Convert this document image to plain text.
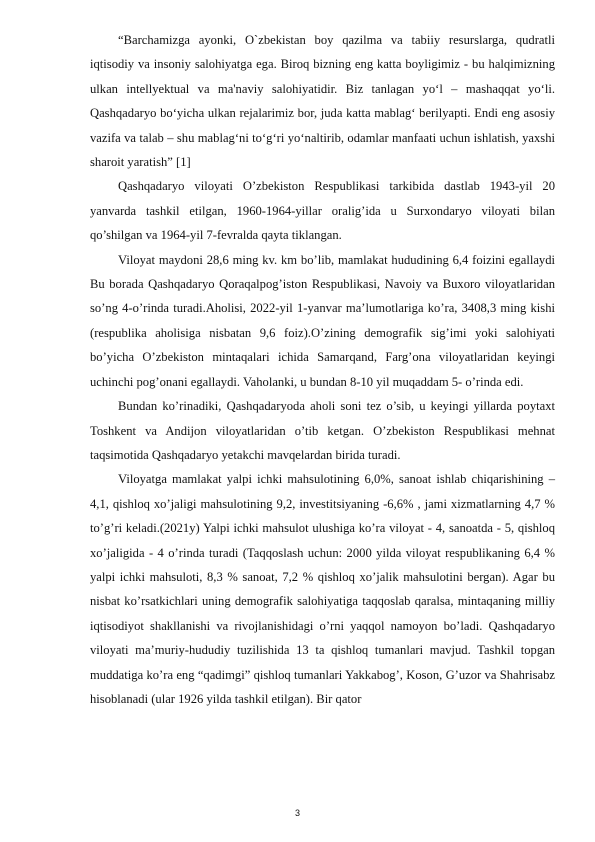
“Barchamizga ayonki, O`zbekistan boy qazilma va tabiiy resurslarga, qudratli iqtisodiy va insoniy salohiyatga ega. Biroq bizning eng katta boyligimiz - bu halqimizning ulkan intellyektual va ma'naviy salohiyatidir. Biz tanlagan yo‘l – mashaqqat yo‘li. Qashqadaryo bo‘yicha ulkan rejalarimiz bor, juda katta mablag‘ berilyapti. Endi eng asosiy vazifa va talab – shu mablag‘ni to‘g‘ri yo‘naltirib, odamlar manfaati uchun ishlatish, yaxshi sharoit yaratish” [1]

Qashqadaryo viloyati O’zbekiston Respublikasi tarkibida dastlab 1943-yil 20 yanvarda tashkil etilgan, 1960-1964-yillar oralig’ida u Surxondaryo viloyati bilan qo’shilgan va 1964-yil 7-fevralda qayta tiklangan.

Viloyat maydoni 28,6 ming kv. km bo’lib, mamlakat hududining 6,4 foizini egallaydi Bu borada Qashqadaryo Qoraqalpog’iston Respublikasi, Navoiy va Buxoro viloyatlaridan so’ng 4-o’rinda turadi.Aholisi, 2022-yil 1-yanvar ma’lumotlariga ko’ra, 3408,3 ming kishi (respublika aholisiga nisbatan 9,6 foiz).O’zining demografik sig’imi yoki salohiyati bo’yicha O’zbekiston mintaqalari ichida Samarqand, Farg’ona viloyatlaridan keyingi uchinchi pog’onani egallaydi. Vaholanki, u bundan 8-10 yil muqaddam 5- o’rinda edi.

Bundan ko’rinadiki, Qashqadaryoda aholi soni tez o’sib, u keyingi yillarda poytaxt Toshkent va Andijon viloyatlaridan o’tib ketgan. O’zbekiston Respublikasi mehnat taqsimotida Qashqadaryo yetakchi mavqelardan birida turadi.

Viloyatga mamlakat yalpi ichki mahsulotining 6,0%, sanoat ishlab chiqarishining – 4,1, qishloq xo’jaligi mahsulotining 9,2, investitsiyaning -6,6% , jami xizmatlarning 4,7 % to’g’ri keladi.(2021y) Yalpi ichki mahsulot ulushiga ko’ra viloyat - 4, sanoatda - 5, qishloq xo’jaligida - 4 o’rinda turadi (Taqqoslash uchun: 2000 yilda viloyat respublikaning 6,4 % yalpi ichki mahsuloti, 8,3 % sanoat, 7,2 % qishloq xo’jalik mahsulotini bergan). Agar bu nisbat ko’rsatkichlari uning demografik salohiyatiga taqqoslab qaralsa, mintaqaning milliy iqtisodiyot shakllanishi va rivojlanishidagi o’rni yaqqol namoyon bo’ladi. Qashqadaryo viloyati ma’muriy-hududiy tuzilishida 13 ta qishloq tumanlari mavjud. Tashkil topgan muddatiga ko’ra eng “qadimgi” qishloq tumanlari Yakkabog’, Koson, G’uzor va Shahrisabz hisoblanadi (ular 1926 yilda tashkil etilgan). Bir qator

3
